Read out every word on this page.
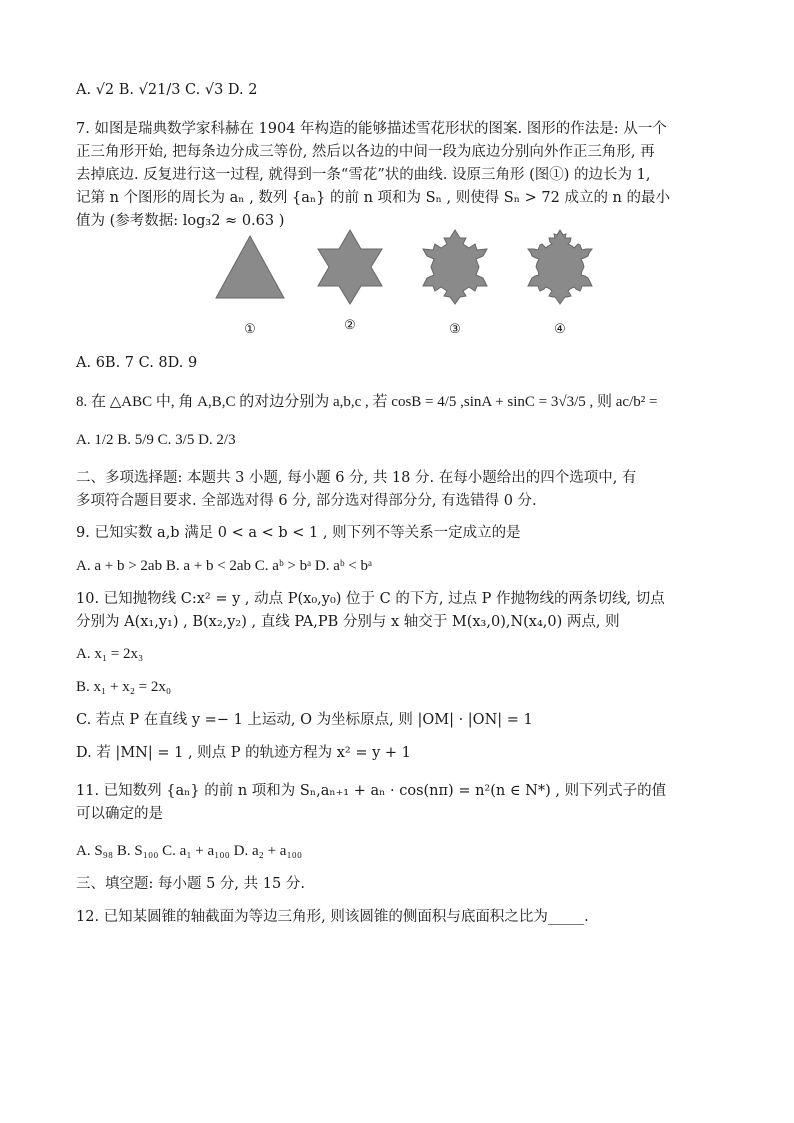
A. √2 B. √21/3 C. √3 D. 2
7. 如图是瑞典数学家科赫在 1904 年构造的能够描述雪花形状的图案. 图形的作法是: 从一个
正三角形开始, 把每条边分成三等份, 然后以各边的中间一段为底边分别向外作正三角形, 再
去掉底边. 反复进行这一过程, 就得到一条“雪花”状的曲线. 设原三角形 (图①) 的边长为 1,
记第 n 个图形的周长为 aₙ , 数列 {aₙ} 的前 n 项和为 Sₙ , 则使得 Sₙ > 72 成立的 n 的最小
值为 (参考数据: log₃2 ≈ 0.63 )
①	②	③	④
A. 6B. 7 C. 8D. 9
8. 在 △ABC 中, 角 A,B,C 的对边分别为 a,b,c , 若 cosB = 4/5 ,sinA + sinC = 3√3/5 , 则 ac/b² =
A. 1/2 B. 5/9 C. 3/5 D. 2/3
二、多项选择题: 本题共 3 小题, 每小题 6 分, 共 18 分. 在每小题给出的四个选项中, 有
多项符合题目要求. 全部选对得 6 分, 部分选对得部分分, 有选错得 0 分.
9. 已知实数 a,b 满足 0 < a < b < 1 , 则下列不等关系一定成立的是
A. a + b > 2ab B. a + b < 2ab C. aᵇ > bᵃ D. aᵇ < bᵃ
10. 已知抛物线 C:x² = y , 动点 P(x₀,y₀) 位于 C 的下方, 过点 P 作抛物线的两条切线, 切点
分别为 A(x₁,y₁) , B(x₂,y₂) , 直线 PA,PB 分别与 x 轴交于 M(x₃,0),N(x₄,0) 两点, 则
A. x₁ = 2x₃
B. x₁ + x₂ = 2x₀
C. 若点 P 在直线 y =− 1 上运动, O 为坐标原点, 则 |OM| · |ON| = 1
D. 若 |MN| = 1 , 则点 P 的轨迹方程为 x² = y + 1
11. 已知数列 {aₙ} 的前 n 项和为 Sₙ,aₙ₊₁ + aₙ · cos(nπ) = n²(n ∈ N*) , 则下列式子的值
可以确定的是
A. S₉₈ B. S₁₀₀ C. a₁ + a₁₀₀ D. a₂ + a₁₀₀
三、填空题: 每小题 5 分, 共 15 分.
12. 已知某圆锥的轴截面为等边三角形, 则该圆锥的侧面积与底面积之比为_____.
